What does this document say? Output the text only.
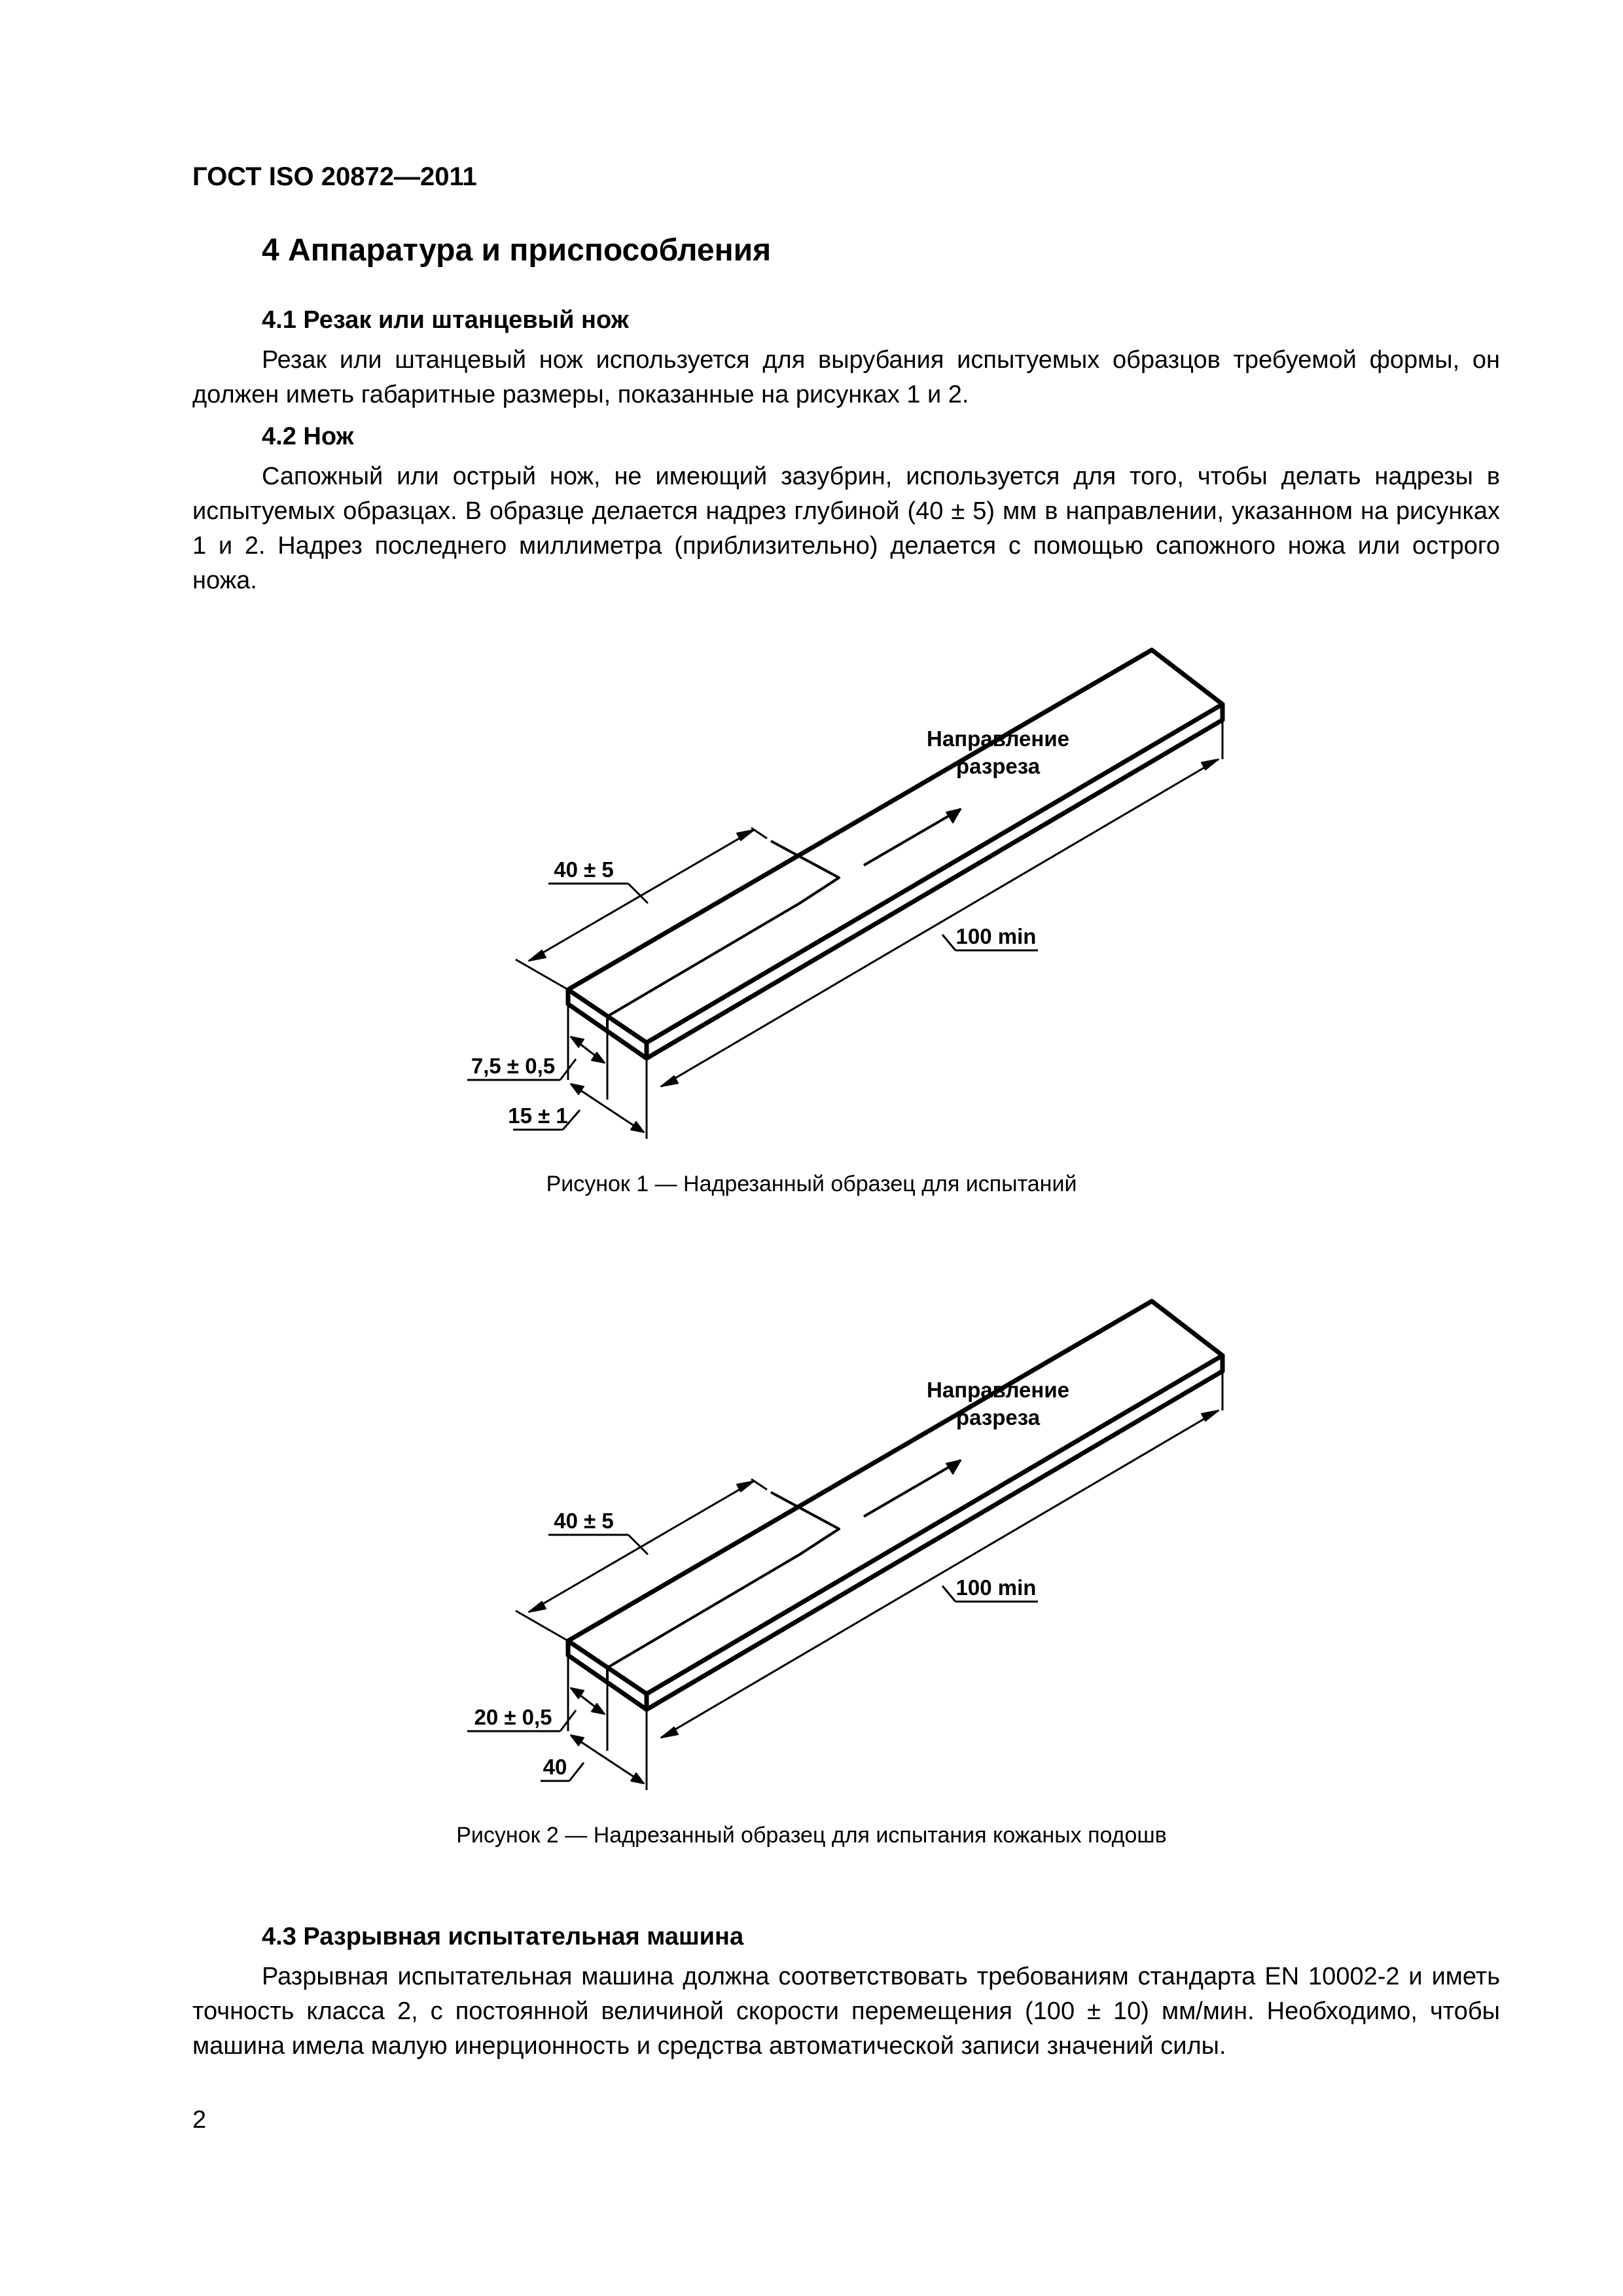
ГОСТ ISO 20872—2011
4 Аппаратура и приспособления
4.1 Резак или штанцевый нож

Резак или штанцевый нож используется для вырубания испытуемых образцов требуемой формы, он должен иметь габаритные размеры, показанные на рисунках 1 и 2.

4.2 Нож

Сапожный или острый нож, не имеющий зазубрин, используется для того, чтобы делать надрезы в испытуемых образцах. В образце делается надрез глубиной (40 ± 5) мм в направлении, указанном на рисунках 1 и 2. Надрез последнего миллиметра (приблизительно) делается с помощью сапожного ножа или острого ножа.

Направление
разреза
40 ± 5
100 min
7,5 ± 0,5
15 ± 1
Рисунок 1 — Надрезанный образец для испытаний
Направление
разреза
40 ± 5
100 min
20 ± 0,5
40
Рисунок 2 — Надрезанный образец для испытания кожаных подошв
4.3 Разрывная испытательная машина

Разрывная испытательная машина должна соответствовать требованиям стандарта EN 10002-2 и иметь точность класса 2, с постоянной величиной скорости перемещения (100 ± 10) мм/мин. Необходимо, чтобы машина имела малую инерционность и средства автоматической записи значений силы.

2
